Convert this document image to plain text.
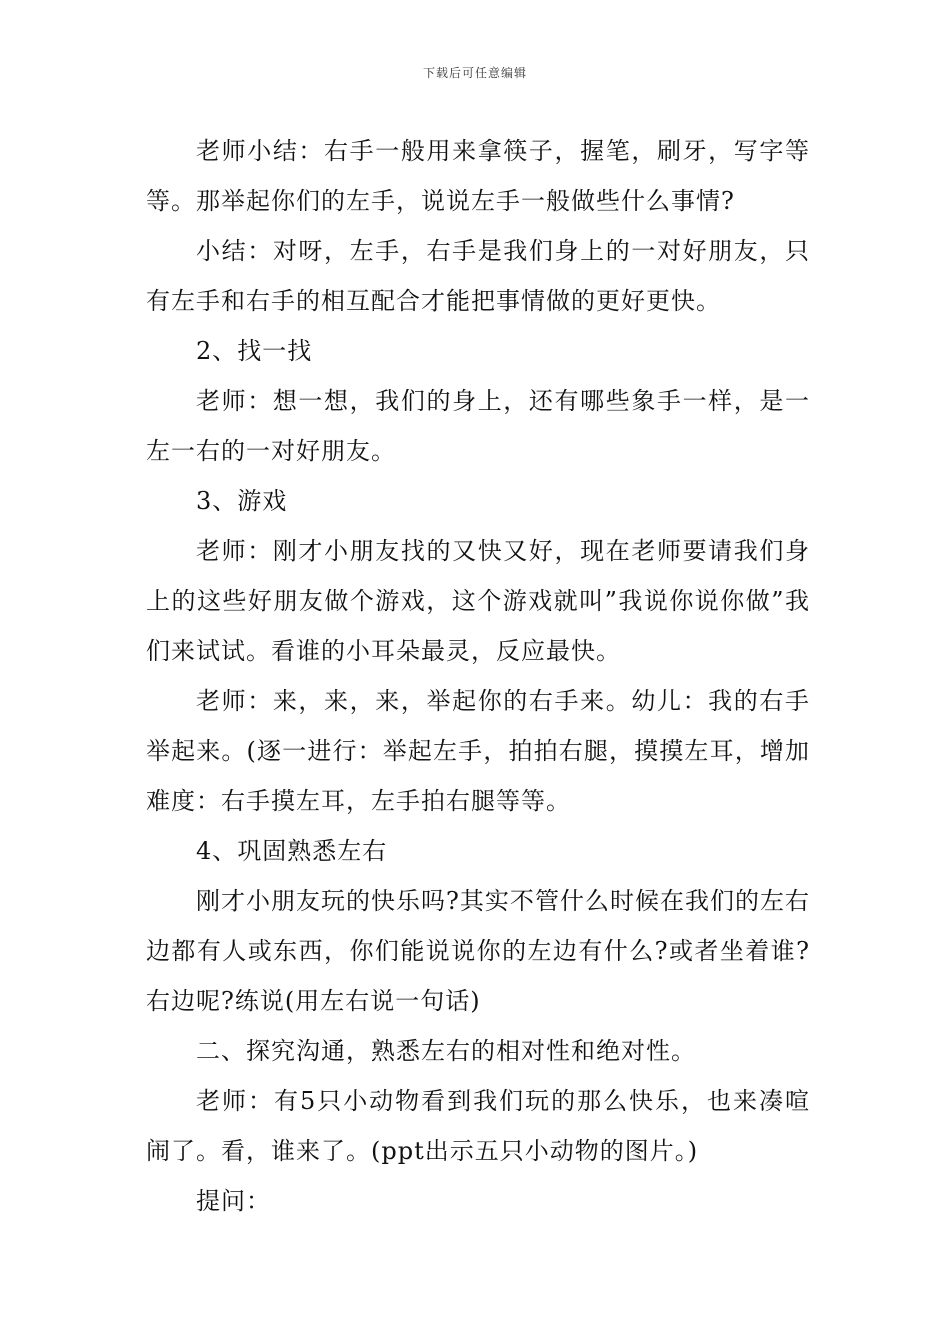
下载后可任意编辑

老师小结：右手一般用来拿筷子，握笔，刷牙，写字等等。那举起你们的左手，说说左手一般做些什么事情?

小结：对呀，左手，右手是我们身上的一对好朋友，只有左手和右手的相互配合才能把事情做的更好更快。

2、找一找

老师：想一想，我们的身上，还有哪些象手一样，是一左一右的一对好朋友。

3、游戏

老师：刚才小朋友找的又快又好，现在老师要请我们身上的这些好朋友做个游戏，这个游戏就叫”我说你说你做”我们来试试。看谁的小耳朵最灵，反应最快。

老师：来，来，来，举起你的右手来。幼儿：我的右手举起来。(逐一进行：举起左手，拍拍右腿，摸摸左耳，增加难度：右手摸左耳，左手拍右腿等等。

4、巩固熟悉左右

刚才小朋友玩的快乐吗?其实不管什么时候在我们的左右边都有人或东西，你们能说说你的左边有什么?或者坐着谁?右边呢?练说(用左右说一句话)

二、探究沟通，熟悉左右的相对性和绝对性。

老师：有5只小动物看到我们玩的那么快乐，也来凑喧闹了。看，谁来了。(ppt出示五只小动物的图片。)

提问：
